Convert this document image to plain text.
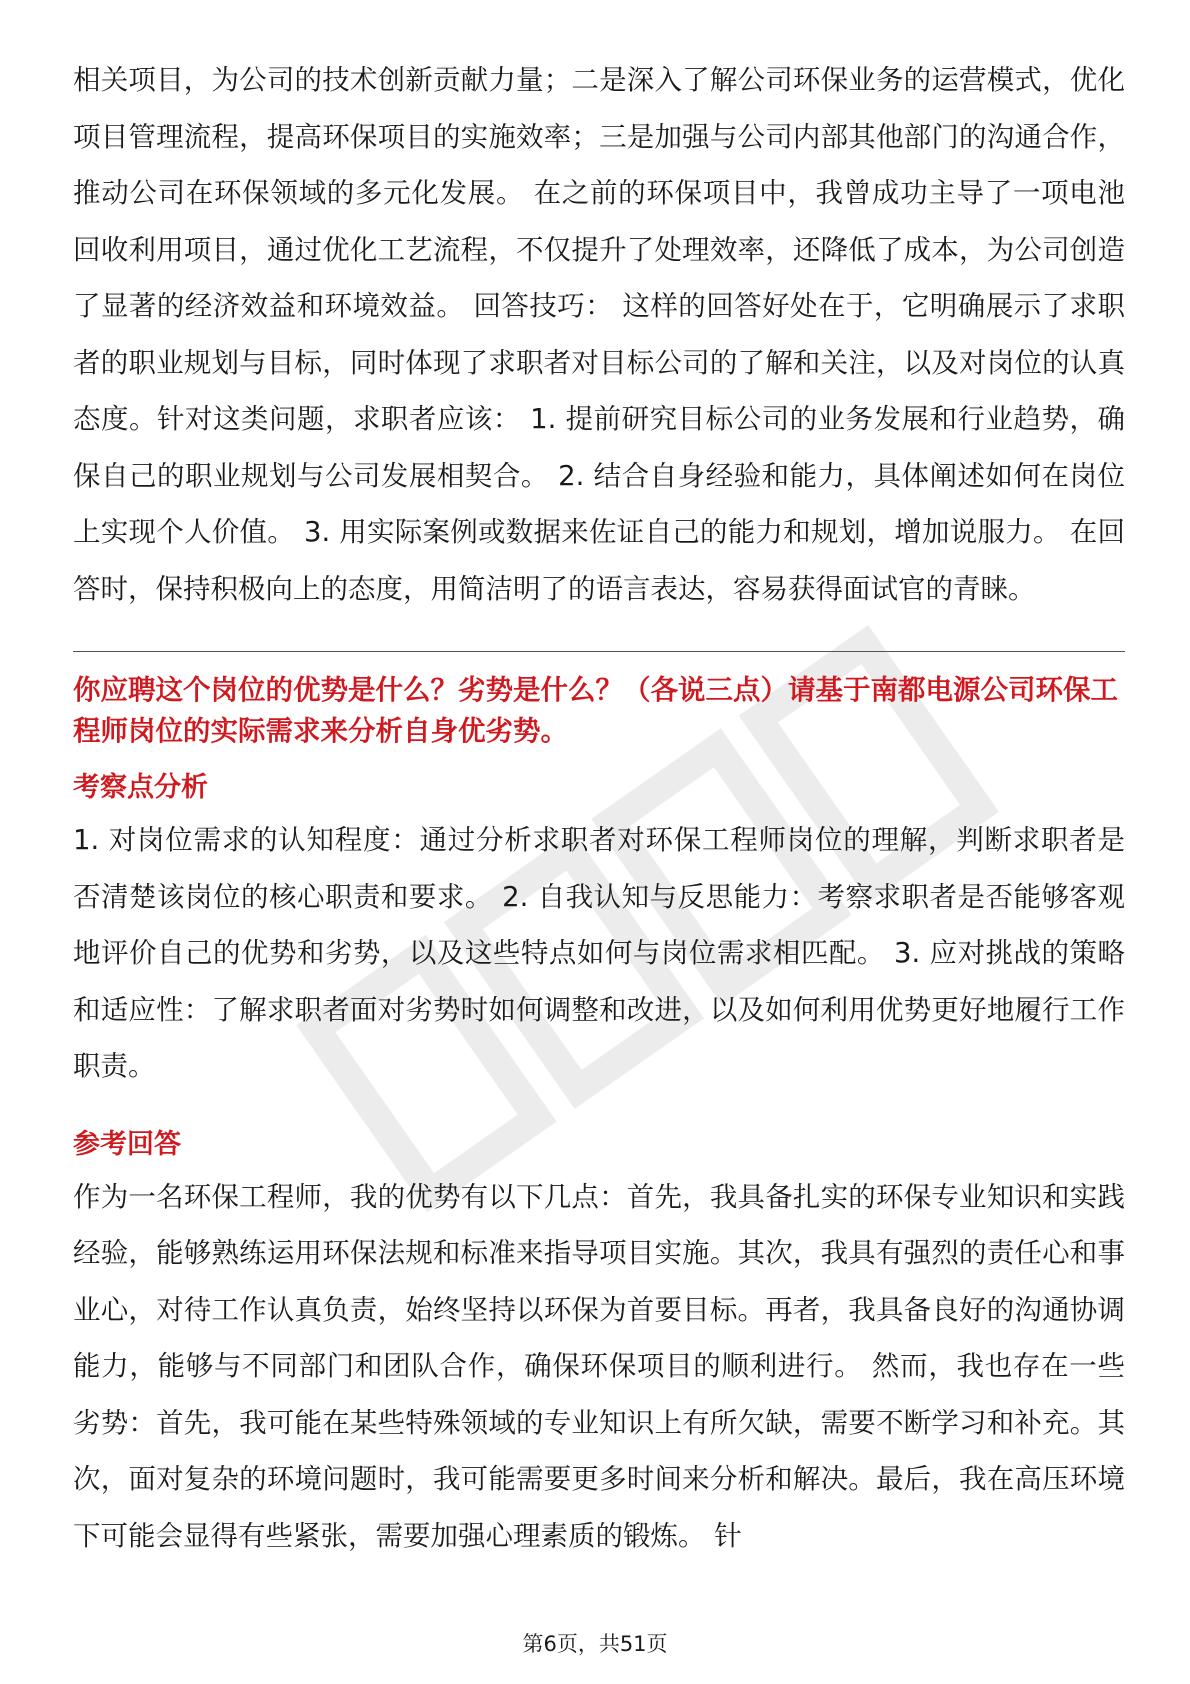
相关项目，为公司的技术创新贡献力量；二是深入了解公司环保业务的运营模式，优化项目管理流程，提高环保项目的实施效率；三是加强与公司内部其他部门的沟通合作，推动公司在环保领域的多元化发展。 在之前的环保项目中，我曾成功主导了一项电池回收利用项目，通过优化工艺流程，不仅提升了处理效率，还降低了成本，为公司创造了显著的经济效益和环境效益。 回答技巧： 这样的回答好处在于，它明确展示了求职者的职业规划与目标，同时体现了求职者对目标公司的了解和关注，以及对岗位的认真态度。针对这类问题，求职者应该： 1. 提前研究目标公司的业务发展和行业趋势，确保自己的职业规划与公司发展相契合。 2. 结合自身经验和能力，具体阐述如何在岗位上实现个人价值。 3. 用实际案例或数据来佐证自己的能力和规划，增加说服力。 在回答时，保持积极向上的态度，用简洁明了的语言表达，容易获得面试官的青睐。

你应聘这个岗位的优势是什么？劣势是什么？（各说三点）请基于南都电源公司环保工程师岗位的实际需求来分析自身优劣势。

考察点分析

1. 对岗位需求的认知程度：通过分析求职者对环保工程师岗位的理解，判断求职者是否清楚该岗位的核心职责和要求。 2. 自我认知与反思能力：考察求职者是否能够客观地评价自己的优势和劣势，以及这些特点如何与岗位需求相匹配。 3. 应对挑战的策略和适应性：了解求职者面对劣势时如何调整和改进，以及如何利用优势更好地履行工作职责。

参考回答

作为一名环保工程师，我的优势有以下几点：首先，我具备扎实的环保专业知识和实践经验，能够熟练运用环保法规和标准来指导项目实施。其次，我具有强烈的责任心和事业心，对待工作认真负责，始终坚持以环保为首要目标。再者，我具备良好的沟通协调能力，能够与不同部门和团队合作，确保环保项目的顺利进行。 然而，我也存在一些劣势：首先，我可能在某些特殊领域的专业知识上有所欠缺，需要不断学习和补充。其次，面对复杂的环境问题时，我可能需要更多时间来分析和解决。最后，我在高压环境下可能会显得有些紧张，需要加强心理素质的锻炼。 针

第6页，共51页
